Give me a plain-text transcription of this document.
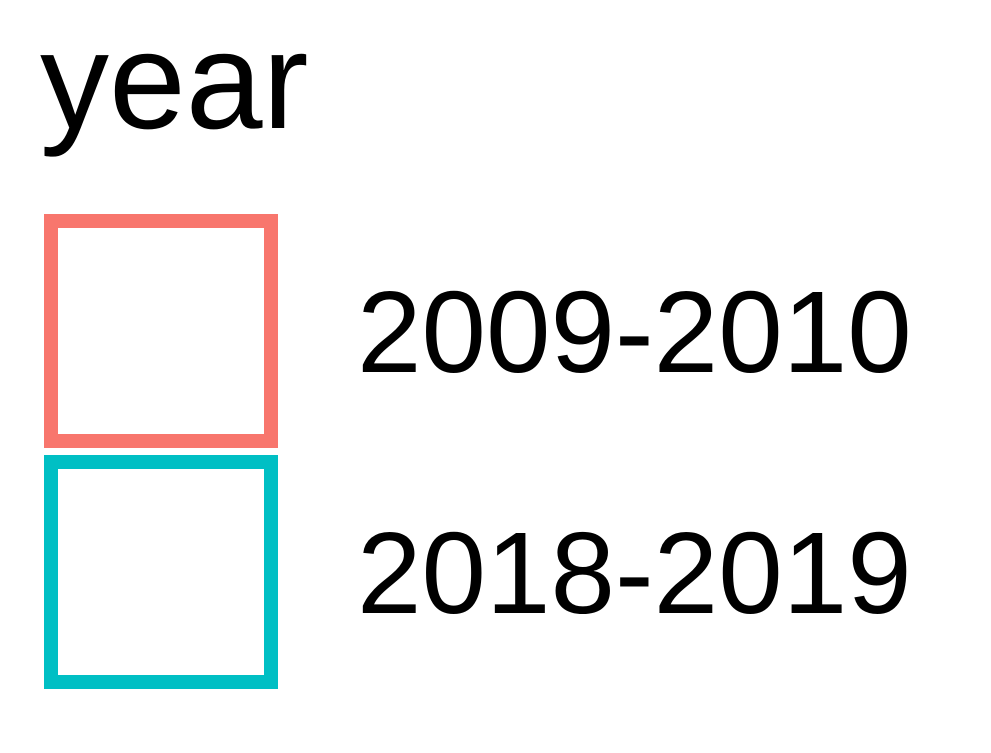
year
2009-2010
2018-2019
